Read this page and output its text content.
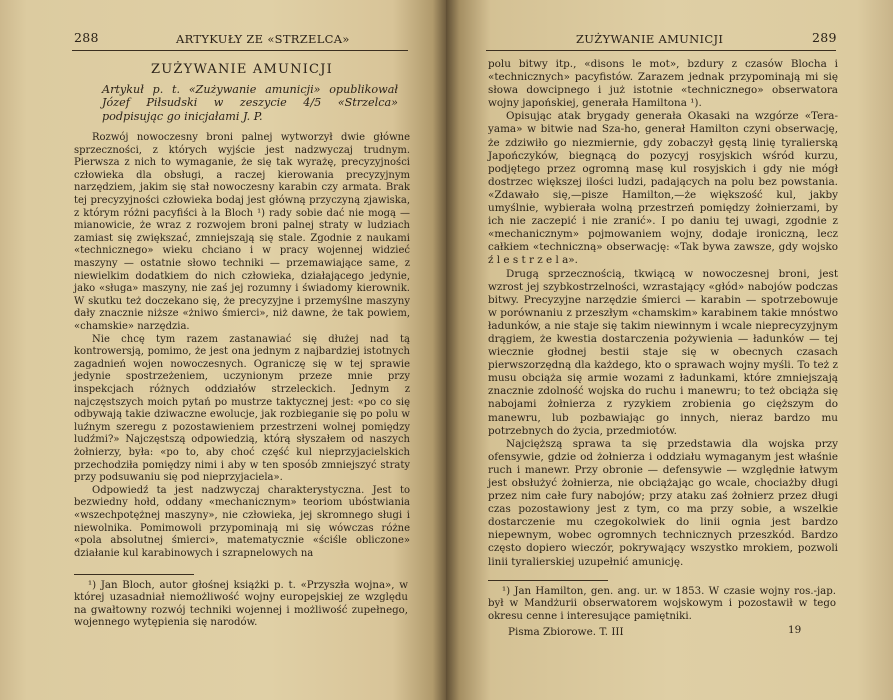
288	ARTYKUŁY ZE «STRZELCA»
ZUŻYWANIE AMUNICJI
Artykuł p. t. «Zużywanie amunicji» opublikował Józef Piłsudski w zeszycie 4/5 «Strzelca» podpisując go inicjałami J. P.

Rozwój nowoczesny broni palnej wytworzył dwie główne sprzeczności, z których wyjście jest nadzwyczaj trudnym. Pierwsza z nich to wymaganie, że się tak wyrażę, precyzyjności człowieka dla obsługi, a raczej kierowania precyzyjnym narzędziem, jakim się stał nowoczesny karabin czy armata. Brak tej precyzyjności człowieka bodaj jest główną przyczyną zjawiska, z którym różni pacyfiści à la Bloch ¹) rady sobie dać nie mogą — mianowicie, że wraz z rozwojem broni palnej straty w ludziach zamiast się zwiększać, zmniejszają się stale. Zgodnie z naukami «technicznego» wieku chciano i w pracy wojennej widzieć maszyny — ostatnie słowo techniki — przemawiające same, z niewielkim dodatkiem do nich człowieka, działającego jedynie, jako «sługa» maszyny, nie zaś jej rozumny i świadomy kierownik. W skutku też doczekano się, że precyzyjne i przemyślne maszyny dały znacznie niższe «żniwo śmierci», niż dawne, że tak powiem, «chamskie» narzędzia.

Nie chcę tym razem zastanawiać się dłużej nad tą kontrowersją, pomimo, że jest ona jednym z najbardziej istotnych zagadnień wojen nowoczesnych. Ograniczę się w tej sprawie jedynie spostrzeżeniem, uczynionym przeze mnie przy inspekcjach różnych oddziałów strzeleckich. Jednym z najczęstszych moich pytań po mustrze taktycznej jest: «po co się odbywają takie dziwaczne ewolucje, jak rozbieganie się po polu w luźnym szeregu z pozostawieniem przestrzeni wolnej pomiędzy ludźmi?» Najczęstszą odpowiedzią, którą słyszałem od naszych żołnierzy, była: «po to, aby choć część kul nieprzyjacielskich przechodziła pomiędzy nimi i aby w ten sposób zmniejszyć straty przy podsuwaniu się pod nieprzyjaciela».

Odpowiedź ta jest nadzwyczaj charakterystyczna. Jest to bezwiedny hołd, oddany «mechanicznym» teoriom ubóstwiania «wszechpotężnej maszyny», nie człowieka, jej skromnego sługi i niewolnika. Pomimowoli przypominają mi się wówczas różne «pola absolutnej śmierci», matematycznie «ściśle obliczone» działanie kul karabinowych i szrapnelowych na

¹) Jan Bloch, autor głośnej książki p. t. «Przyszła wojna», w której uzasadniał niemożliwość wojny europejskiej ze względu na gwałtowny rozwój techniki wojennej i możliwość zupełnego, wojennego wytępienia się narodów.

ZUŻYWANIE AMUNICJI	289

polu bitwy itp., «disons le mot», bzdury z czasów Blocha i «technicznych» pacyfistów. Zarazem jednak przypominają mi się słowa dowcipnego i już istotnie «technicznego» obserwatora wojny japońskiej, generała Hamiltona ¹).

Opisując atak brygady generała Okasaki na wzgórze «Tera-yama» w bitwie nad Sza-ho, generał Hamilton czyni obserwację, że zdziwiło go niezmiernie, gdy zobaczył gęstą linię tyralierską Japończyków, biegnącą do pozycyj rosyjskich wśród kurzu, podjętego przez ogromną masę kul rosyjskich i gdy nie mógł dostrzec większej ilości ludzi, padających na polu bez powstania. «Zdawało się,—pisze Hamilton,—że większość kul, jakby umyślnie, wybierała wolną przestrzeń pomiędzy żołnierzami, by ich nie zaczepić i nie zranić». I po daniu tej uwagi, zgodnie z «mechanicznym» pojmowaniem wojny, dodaje ironiczną, lecz całkiem «techniczną» obserwację: «Tak bywa zawsze, gdy wojsko ź l e s t r z e l a».

Drugą sprzecznością, tkwiącą w nowoczesnej broni, jest wzrost jej szybkostrzelności, wzrastający «głód» nabojów podczas bitwy. Precyzyjne narzędzie śmierci — karabin — spotrzebowuje w porównaniu z przeszłym «chamskim» karabinem takie mnóstwo ładunków, a nie staje się takim niewinnym i wcale nieprecyzyjnym drągiem, że kwestia dostarczenia pożywienia — ładunków — tej wiecznie głodnej bestii staje się w obecnych czasach pierwszorzędną dla każdego, kto o sprawach wojny myśli. To też z musu obciąża się armie wozami z ładunkami, które zmniejszają znacznie zdolność wojska do ruchu i manewru; to też obciąża się nabojami żołnierza z ryzykiem zrobienia go cięższym do manewru, lub pozbawiając go innych, nieraz bardzo mu potrzebnych do życia, przedmiotów.

Najcięższą sprawa ta się przedstawia dla wojska przy ofensywie, gdzie od żołnierza i oddziału wymaganym jest właśnie ruch i manewr. Przy obronie — defensywie — względnie łatwym jest obsłużyć żołnierza, nie obciążając go wcale, chociażby długi przez nim całe fury nabojów; przy ataku zaś żołnierz przez długi czas pozostawiony jest z tym, co ma przy sobie, a wszelkie dostarczenie mu czegokolwiek do linii ognia jest bardzo niepewnym, wobec ogromnych technicznych przeszkód. Bardzo często dopiero wieczór, pokrywający wszystko mrokiem, pozwoli linii tyralierskiej uzupełnić amunicję.

¹) Jan Hamilton, gen. ang. ur. w 1853. W czasie wojny ros.-jap. był w Mandżurii obserwatorem wojskowym i pozostawił w tego okresu cenne i interesujące pamiętniki.

Pisma Zbiorowe. T. III	19
